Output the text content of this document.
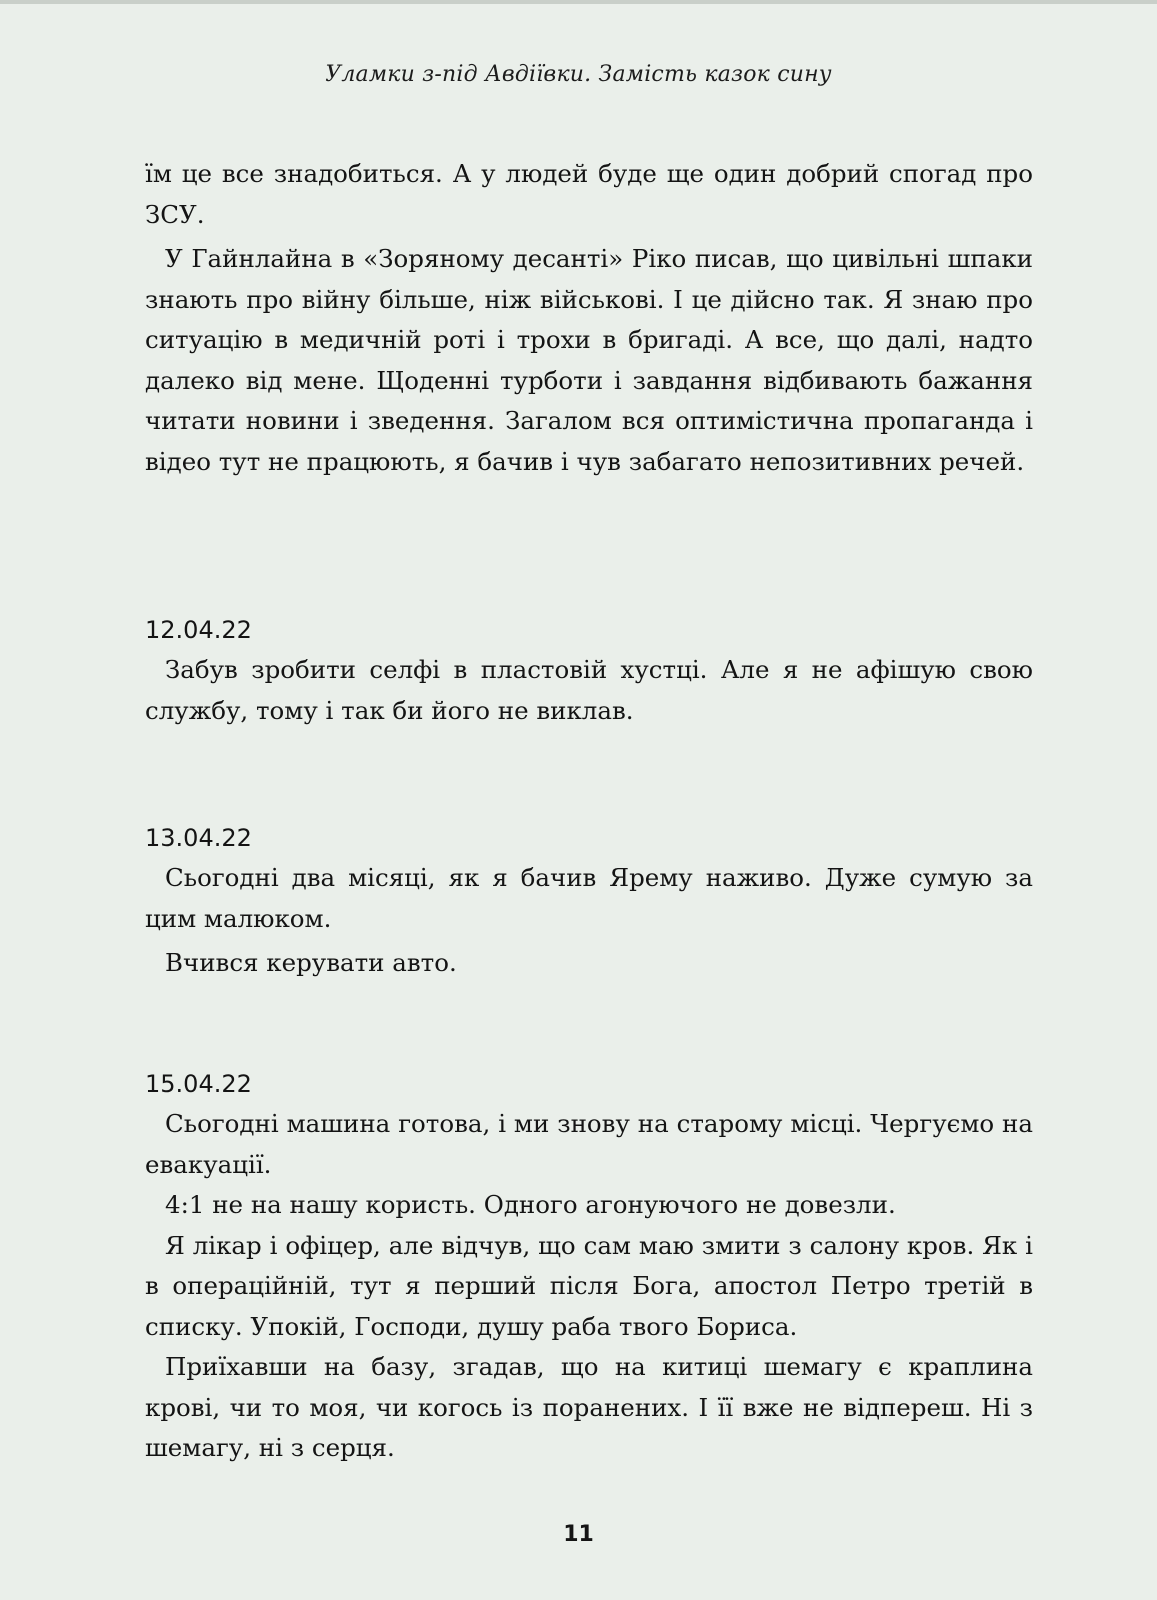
Уламки з-під Авдіївки. Замість казок сину

їм це все знадобиться. А у людей буде ще один добрий спогад про ЗСУ.

У Гайнлайна в «Зоряному десанті» Ріко писав, що цивільні шпаки знають про війну більше, ніж військові. І це дійсно так. Я знаю про ситуацію в медичній роті і трохи в бригаді. А все, що далі, надто далеко від мене. Щоденні турботи і завдання відбивають бажання читати новини і зведення. Загалом вся оптимістична пропаганда і відео тут не працюють, я бачив і чув забагато непозитивних речей.

12.04.22

Забув зробити селфі в пластовій хустці. Але я не афішую свою службу, тому і так би його не виклав.

13.04.22

Сьогодні два місяці, як я бачив Ярему наживо. Дуже сумую за цим малюком.

Вчився керувати авто.

15.04.22

Сьогодні машина готова, і ми знову на старому місці. Чергуємо на евакуації.

4:1 не на нашу користь. Одного агонуючого не довезли.

Я лікар і офіцер, але відчув, що сам маю змити з салону кров. Як і в операційній, тут я перший після Бога, апостол Петро третій в списку. Упокій, Господи, душу раба твого Бориса.

Приїхавши на базу, згадав, що на китиці шемагу є краплина крові, чи то моя, чи когось із поранених. І її вже не відпереш. Ні з шемагу, ні з серця.

11
